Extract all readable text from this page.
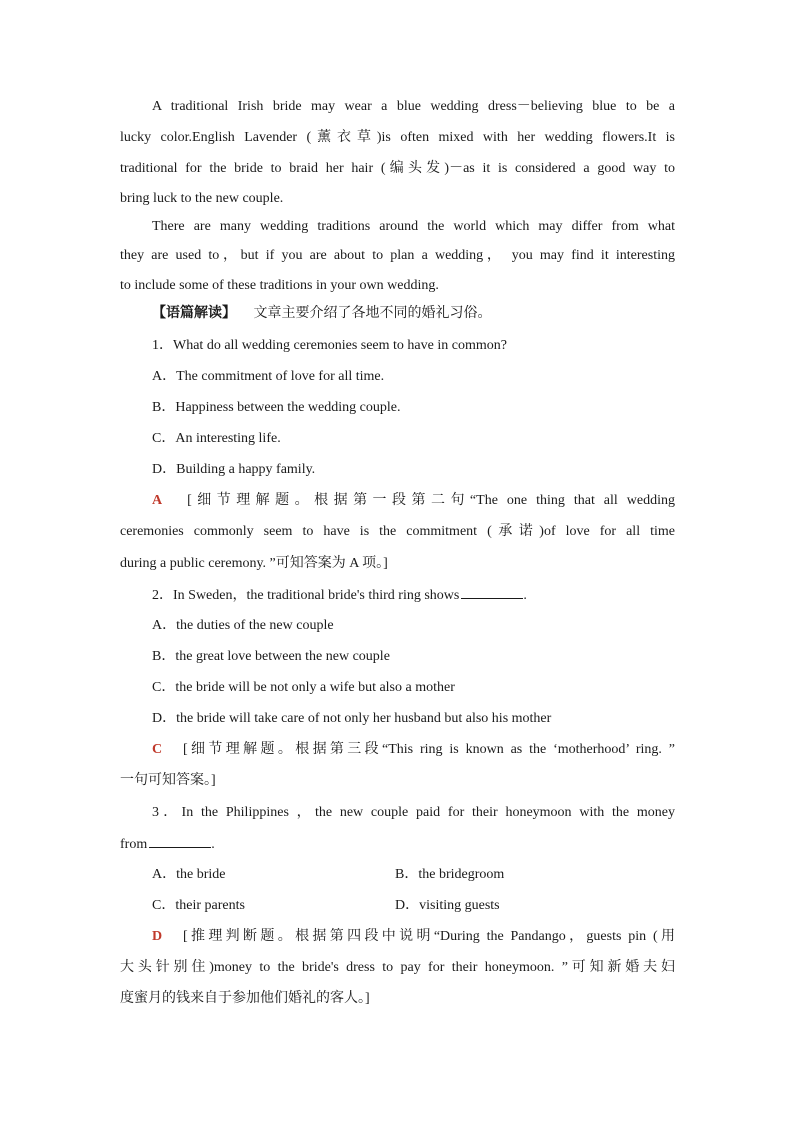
A traditional Irish bride may wear a blue wedding dress－believing blue to be a
lucky color.English Lavender (薰衣草)is often mixed with her wedding flowers.It is
traditional for the bride to braid her hair (编头发)－as it is considered a good way to
bring luck to the new couple.
There are many wedding traditions around the world which may differ from what
they are used to，but if you are about to plan a wedding， you may find it interesting
to include some of these traditions in your own wedding.
【语篇解读】 文章主要介绍了各地不同的婚礼习俗。
1．What do all wedding ceremonies seem to have in common?
A．The commitment of love for all time.
B．Happiness between the wedding couple.
C．An interesting life.
D．Building a happy family.
A [细节理解题。根据第一段第二句“The one thing that all wedding
ceremonies commonly seem to have is the commitment (承诺)of love for all time
during a public ceremony. ”可知答案为 A 项。]
2．In Sweden，the traditional bride's third ring shows	.
A．the duties of the new couple
B．the great love between the new couple
C．the bride will be not only a wife but also a mother
D．the bride will take care of not only her husband but also his mother
C [细节理解题。根据第三段“This ring is known as the ‘motherhood’ ring. ”
一句可知答案。]
3．In the Philippines ，the new couple paid for their honeymoon with the money
from	.
A．the bride	B．the bridegroom
C．their parents	D．visiting guests
D [推理判断题。根据第四段中说明“During the Pandango，guests pin (用
大头针别住)money to the bride's dress to pay for their honeymoon. ”可知新婚夫妇
度蜜月的钱来自于参加他们婚礼的客人。]
